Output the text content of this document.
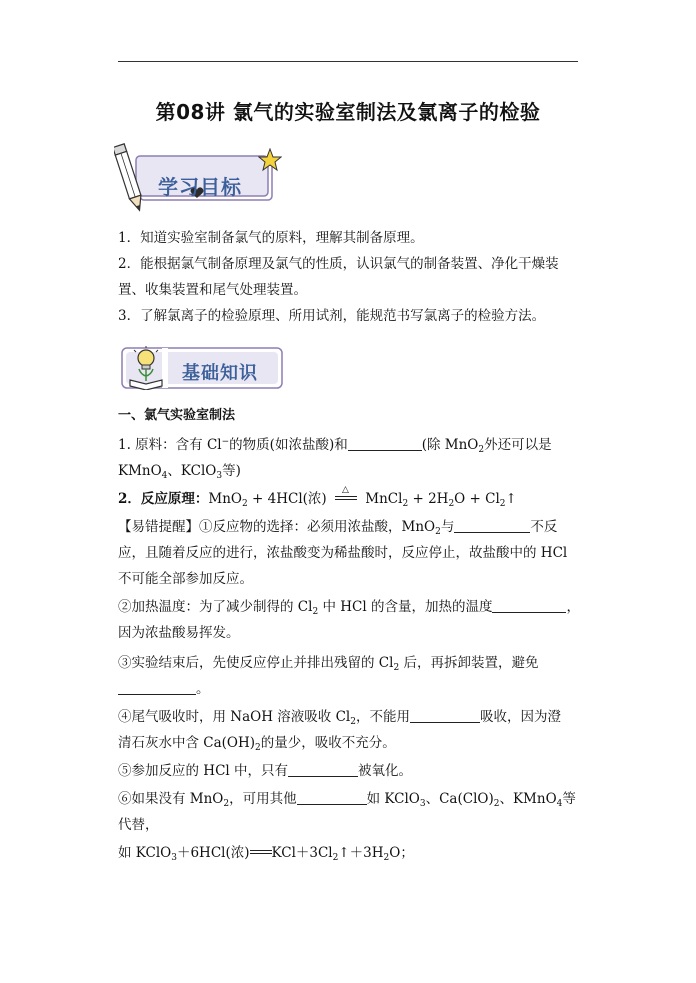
第08讲 氯气的实验室制法及氯离子的检验
学习目标
1．知道实验室制备氯气的原料，理解其制备原理。
2．能根据氯气制备原理及氯气的性质，认识氯气的制备装置、净化干燥装
置、收集装置和尾气处理装置。
3．了解氯离子的检验原理、所用试剂，能规范书写氯离子的检验方法。
基础知识
一、氯气实验室制法
1. 原料：含有 Cl−的物质(如浓盐酸)和	(除 MnO$_2$外还可以是
KMnO$_4$、KClO$_3$等)
2．反应原理：MnO$_2$ + 4HCl(浓)
△
MnCl$_2$ + $2H_2O$ + $Cl_2↑$
【易错提醒】①反应物的选择：必须用浓盐酸，MnO$_2$与	不反
应，且随着反应的进行，浓盐酸变为稀盐酸时，反应停止，故盐酸中的 HCl
不可能全部参加反应。
②加热温度：为了减少制得的 $Cl_2$ 中 HCl 的含量，加热的温度	，
因为浓盐酸易挥发。
③实验结束后，先使反应停止并排出残留的 $Cl_2$ 后，再拆卸装置，避免
。
④尾气吸收时，用 NaOH 溶液吸收 $Cl_2$，不能用	吸收，因为澄
清石灰水中含 $Ca(OH)_2$的量少，吸收不充分。
⑤参加反应的 HCl 中，只有	被氧化。
⑥如果没有 MnO$_2$，可用其他	如 KClO$_3$、$Ca(ClO)_2$、KMnO$_4$等
代替，
如 KClO$_3$＋6HCl(浓) $KCl+3Cl_2↑+3H_2O$；
